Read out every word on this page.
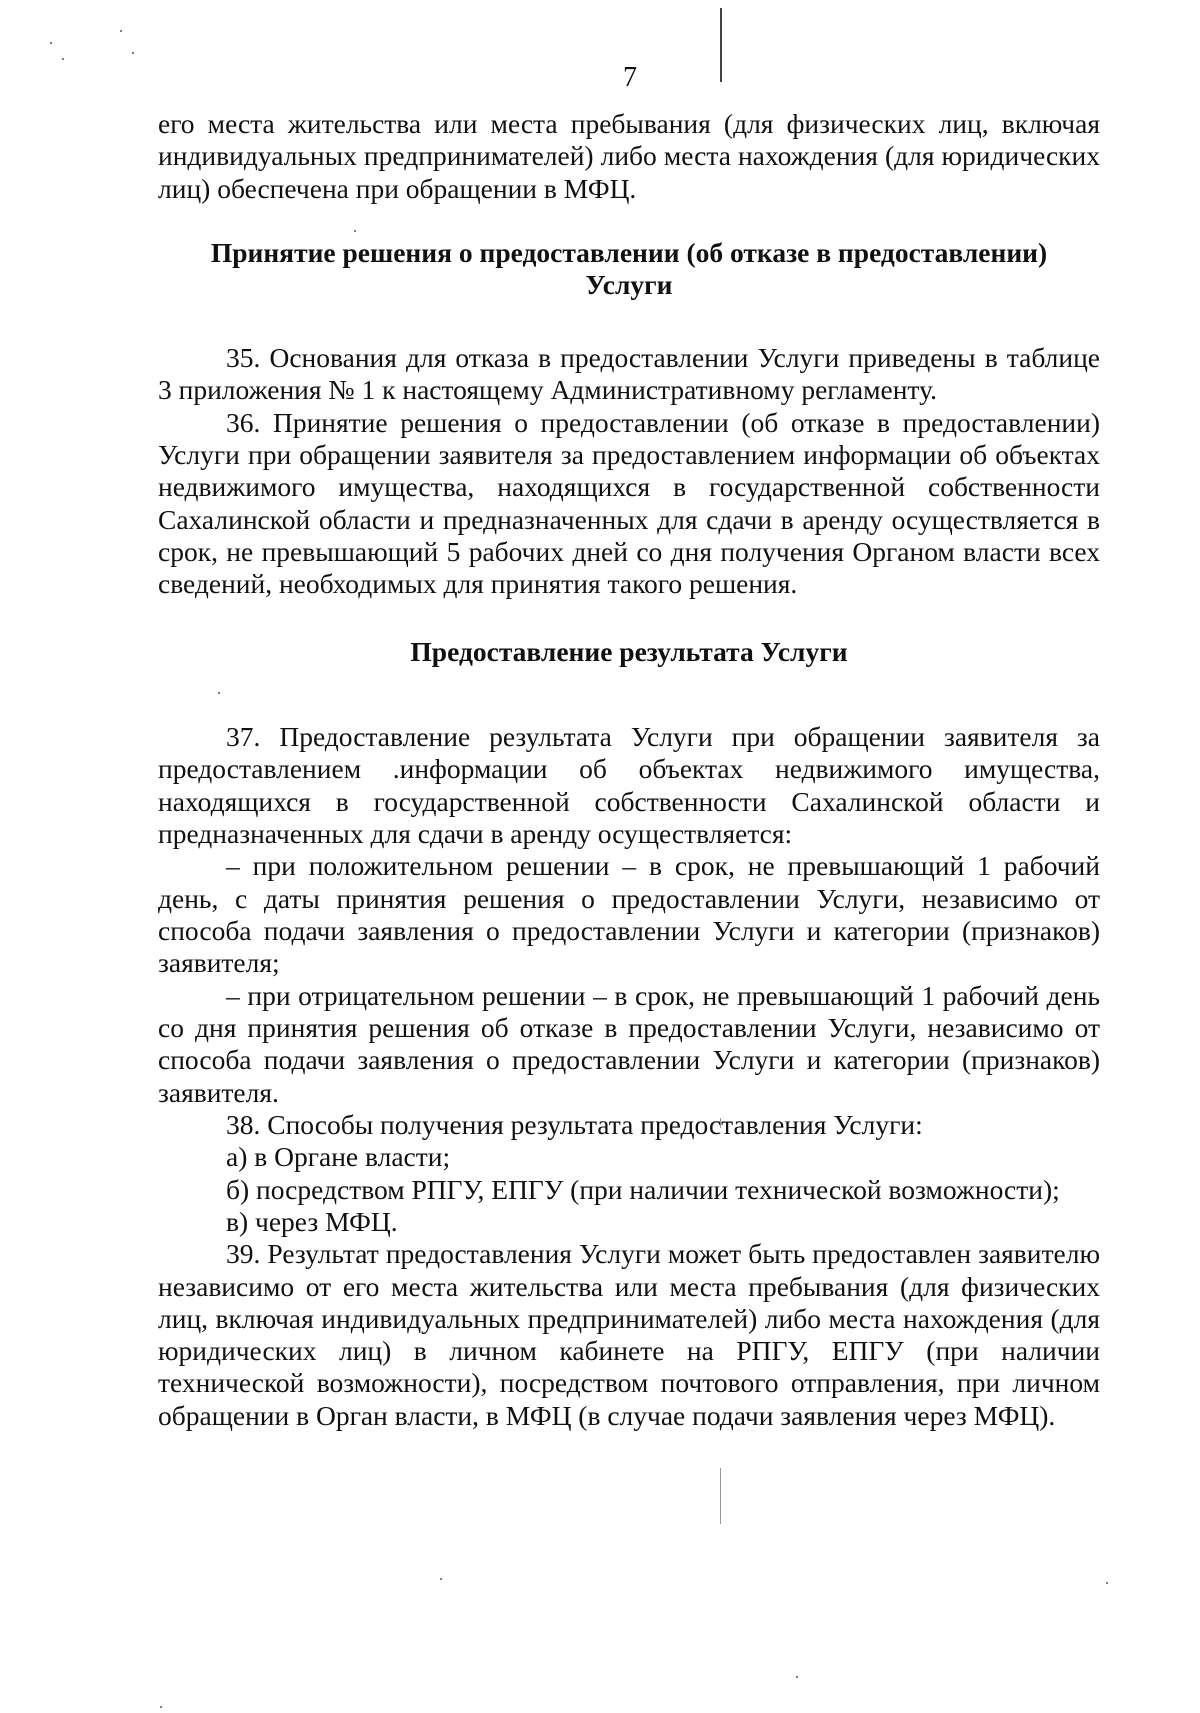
7

его места жительства или места пребывания (для физических лиц, включая индивидуальных предпринимателей) либо места нахождения (для юридических лиц) обеспечена при обращении в МФЦ.

Принятие решения о предоставлении (об отказе в предоставлении)
Услуги

35. Основания для отказа в предоставлении Услуги приведены в таблице 3 приложения № 1 к настоящему Административному регламенту.

36. Принятие решения о предоставлении (об отказе в предоставлении) Услуги при обращении заявителя за предоставлением информации об объектах недвижимого имущества, находящихся в государственной собственности Сахалинской области и предназначенных для сдачи в аренду осуществляется в срок, не превышающий 5 рабочих дней со дня получения Органом власти всех сведений, необходимых для принятия такого решения.

Предоставление результата Услуги

37. Предоставление результата Услуги при обращении заявителя за предоставлением .информации об объектах недвижимого имущества, находящихся в государственной собственности Сахалинской области и предназначенных для сдачи в аренду осуществляется:

– при положительном решении – в срок, не превышающий 1 рабочий день, с даты принятия решения о предоставлении Услуги, независимо от способа подачи заявления о предоставлении Услуги и категории (признаков) заявителя;

– при отрицательном решении – в срок, не превышающий 1 рабочий день со дня принятия решения об отказе в предоставлении Услуги, независимо от способа подачи заявления о предоставлении Услуги и категории (признаков) заявителя.

38. Способы получения результата предоставления Услуги:

а) в Органе власти;

б) посредством РПГУ, ЕПГУ (при наличии технической возможности);

в) через МФЦ.

39. Результат предоставления Услуги может быть предоставлен заявителю независимо от его места жительства или места пребывания (для физических лиц, включая индивидуальных предпринимателей) либо места нахождения (для юридических лиц) в личном кабинете на РПГУ, ЕПГУ (при наличии технической возможности), посредством почтового отправления, при личном обращении в Орган власти, в МФЦ (в случае подачи заявления через МФЦ).
